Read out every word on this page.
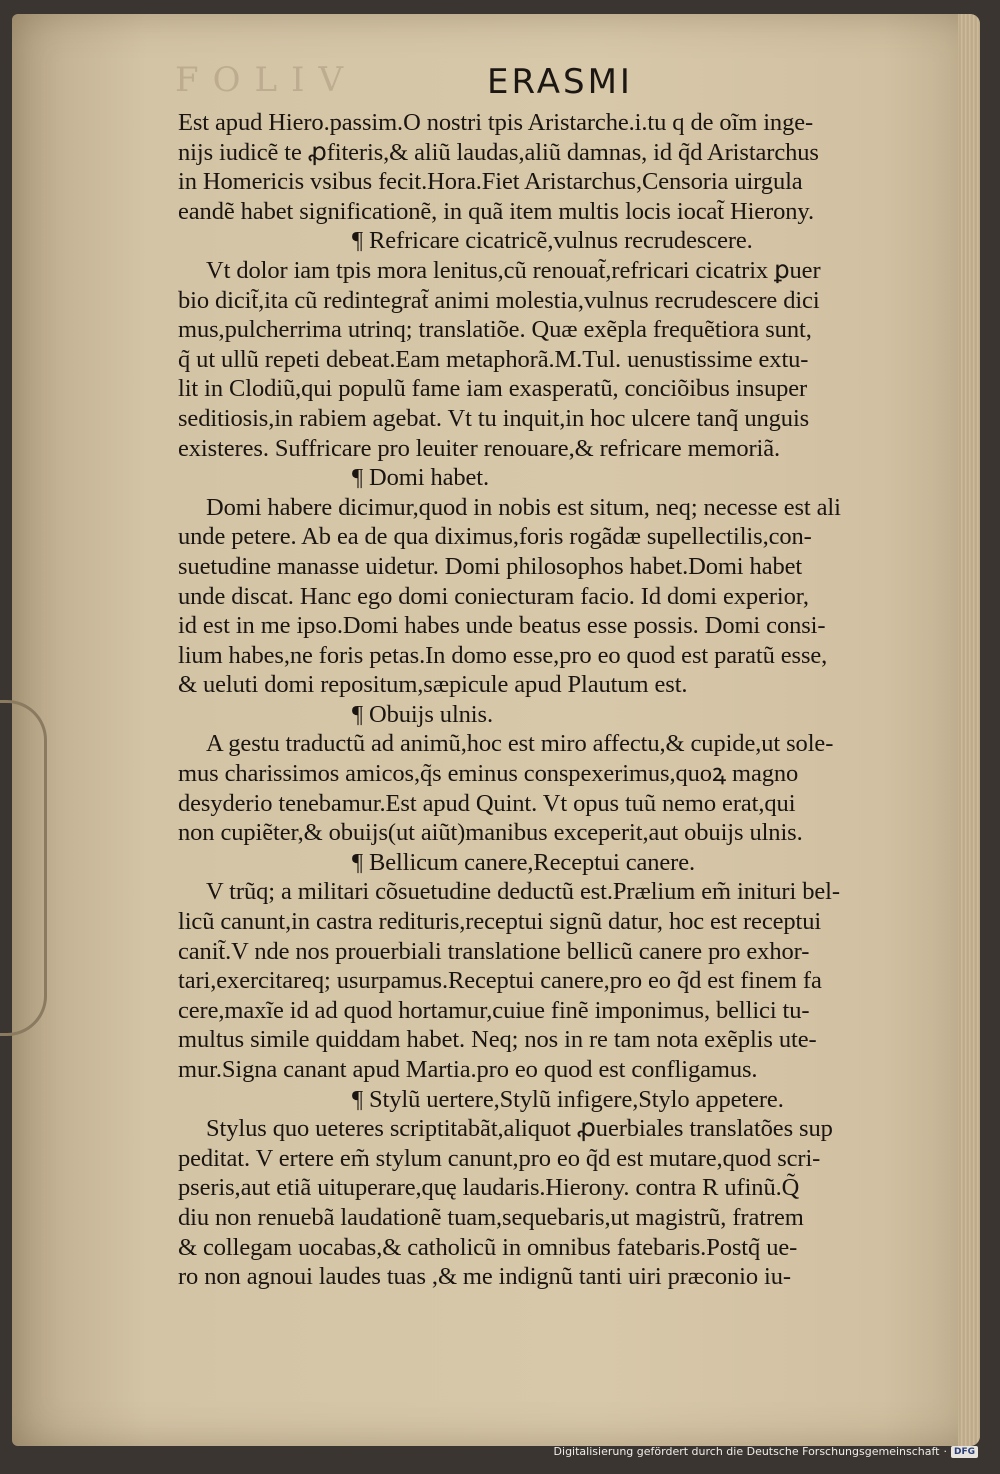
FOLIV	ERASMI
Est apud Hiero.passim.O nostri tpis Aristarche.i.tu q de oĩm inge-
nijs iudicẽ te ꝓfiteris,& aliũ laudas,aliũ damnas, id q̃d Aristarchus
in Homericis vsibus fecit.Hora.Fiet Aristarchus,Censoria uirgula
eandẽ habet significationẽ, in quã item multis locis iocat̃ Hierony.
¶ Refricare cicatricẽ,vulnus recrudescere.
Vt dolor iam tpis mora lenitus,cũ renouat̃,refricari cicatrix ꝑuer
bio dicit̃,ita cũ redintegrat̃ animi molestia,vulnus recrudescere dici
mus,pulcherrima utrinq; translatiõe. Quæ exẽpla frequẽtiora sunt,
q̃ ut ullũ repeti debeat.Eam metaphorã.M.Tul. uenustissime extu-
lit in Clodiũ,qui populũ fame iam exasperatũ, conciõibus insuper
seditiosis,in rabiem agebat. Vt tu inquit,in hoc ulcere tanq̃ unguis
existeres. Suffricare pro leuiter renouare,& refricare memoriã.
¶ Domi habet.
Domi habere dicimur,quod in nobis est situm, neq; necesse est ali
unde petere. Ab ea de qua diximus,foris rogãdæ supellectilis,con-
suetudine manasse uidetur. Domi philosophos habet.Domi habet
unde discat. Hanc ego domi coniecturam facio. Id domi experior,
id est in me ipso.Domi habes unde beatus esse possis. Domi consi-
lium habes,ne foris petas.In domo esse,pro eo quod est paratũ esse,
& ueluti domi repositum,sæpicule apud Plautum est.
¶ Obuijs ulnis.
A gestu traductũ ad animũ,hoc est miro affectu,& cupide,ut sole-
mus charissimos amicos,q̃s eminus conspexerimus,quoꝝ magno
desyderio tenebamur.Est apud Quint. Vt opus tuũ nemo erat,qui
non cupiẽter,& obuijs(ut aiũt)manibus exceperit,aut obuijs ulnis.
¶ Bellicum canere,Receptui canere.
V trũq; a militari cõsuetudine deductũ est.Prælium em̃ inituri bel-
licũ canunt,in castra redituris,receptui signũ datur, hoc est receptui
canit̃.V nde nos prouerbiali translatione bellicũ canere pro exhor-
tari,exercitareq; usurpamus.Receptui canere,pro eo q̃d est finem fa
cere,maxĩe id ad quod hortamur,cuiue finẽ imponimus, bellici tu-
multus simile quiddam habet. Neq; nos in re tam nota exẽplis ute-
mur.Signa canant apud Martia.pro eo quod est confligamus.
¶ Stylũ uertere,Stylũ infigere,Stylo appetere.
Stylus quo ueteres scriptitabãt,aliquot ꝓuerbiales translatões sup
peditat. V ertere em̃ stylum canunt,pro eo q̃d est mutare,quod scri-
pseris,aut etiã uituperare,quę laudaris.Hierony. contra R ufinũ.Q̃
diu non renuebã laudationẽ tuam,sequebaris,ut magistrũ, fratrem
& collegam uocabas,& catholicũ in omnibus fatebaris.Postq̃ ue-
ro non agnoui laudes tuas ,& me indignũ tanti uiri præconio iu-
Digitalisierung gefördert durch die Deutsche Forschungsgemeinschaft · DFG
